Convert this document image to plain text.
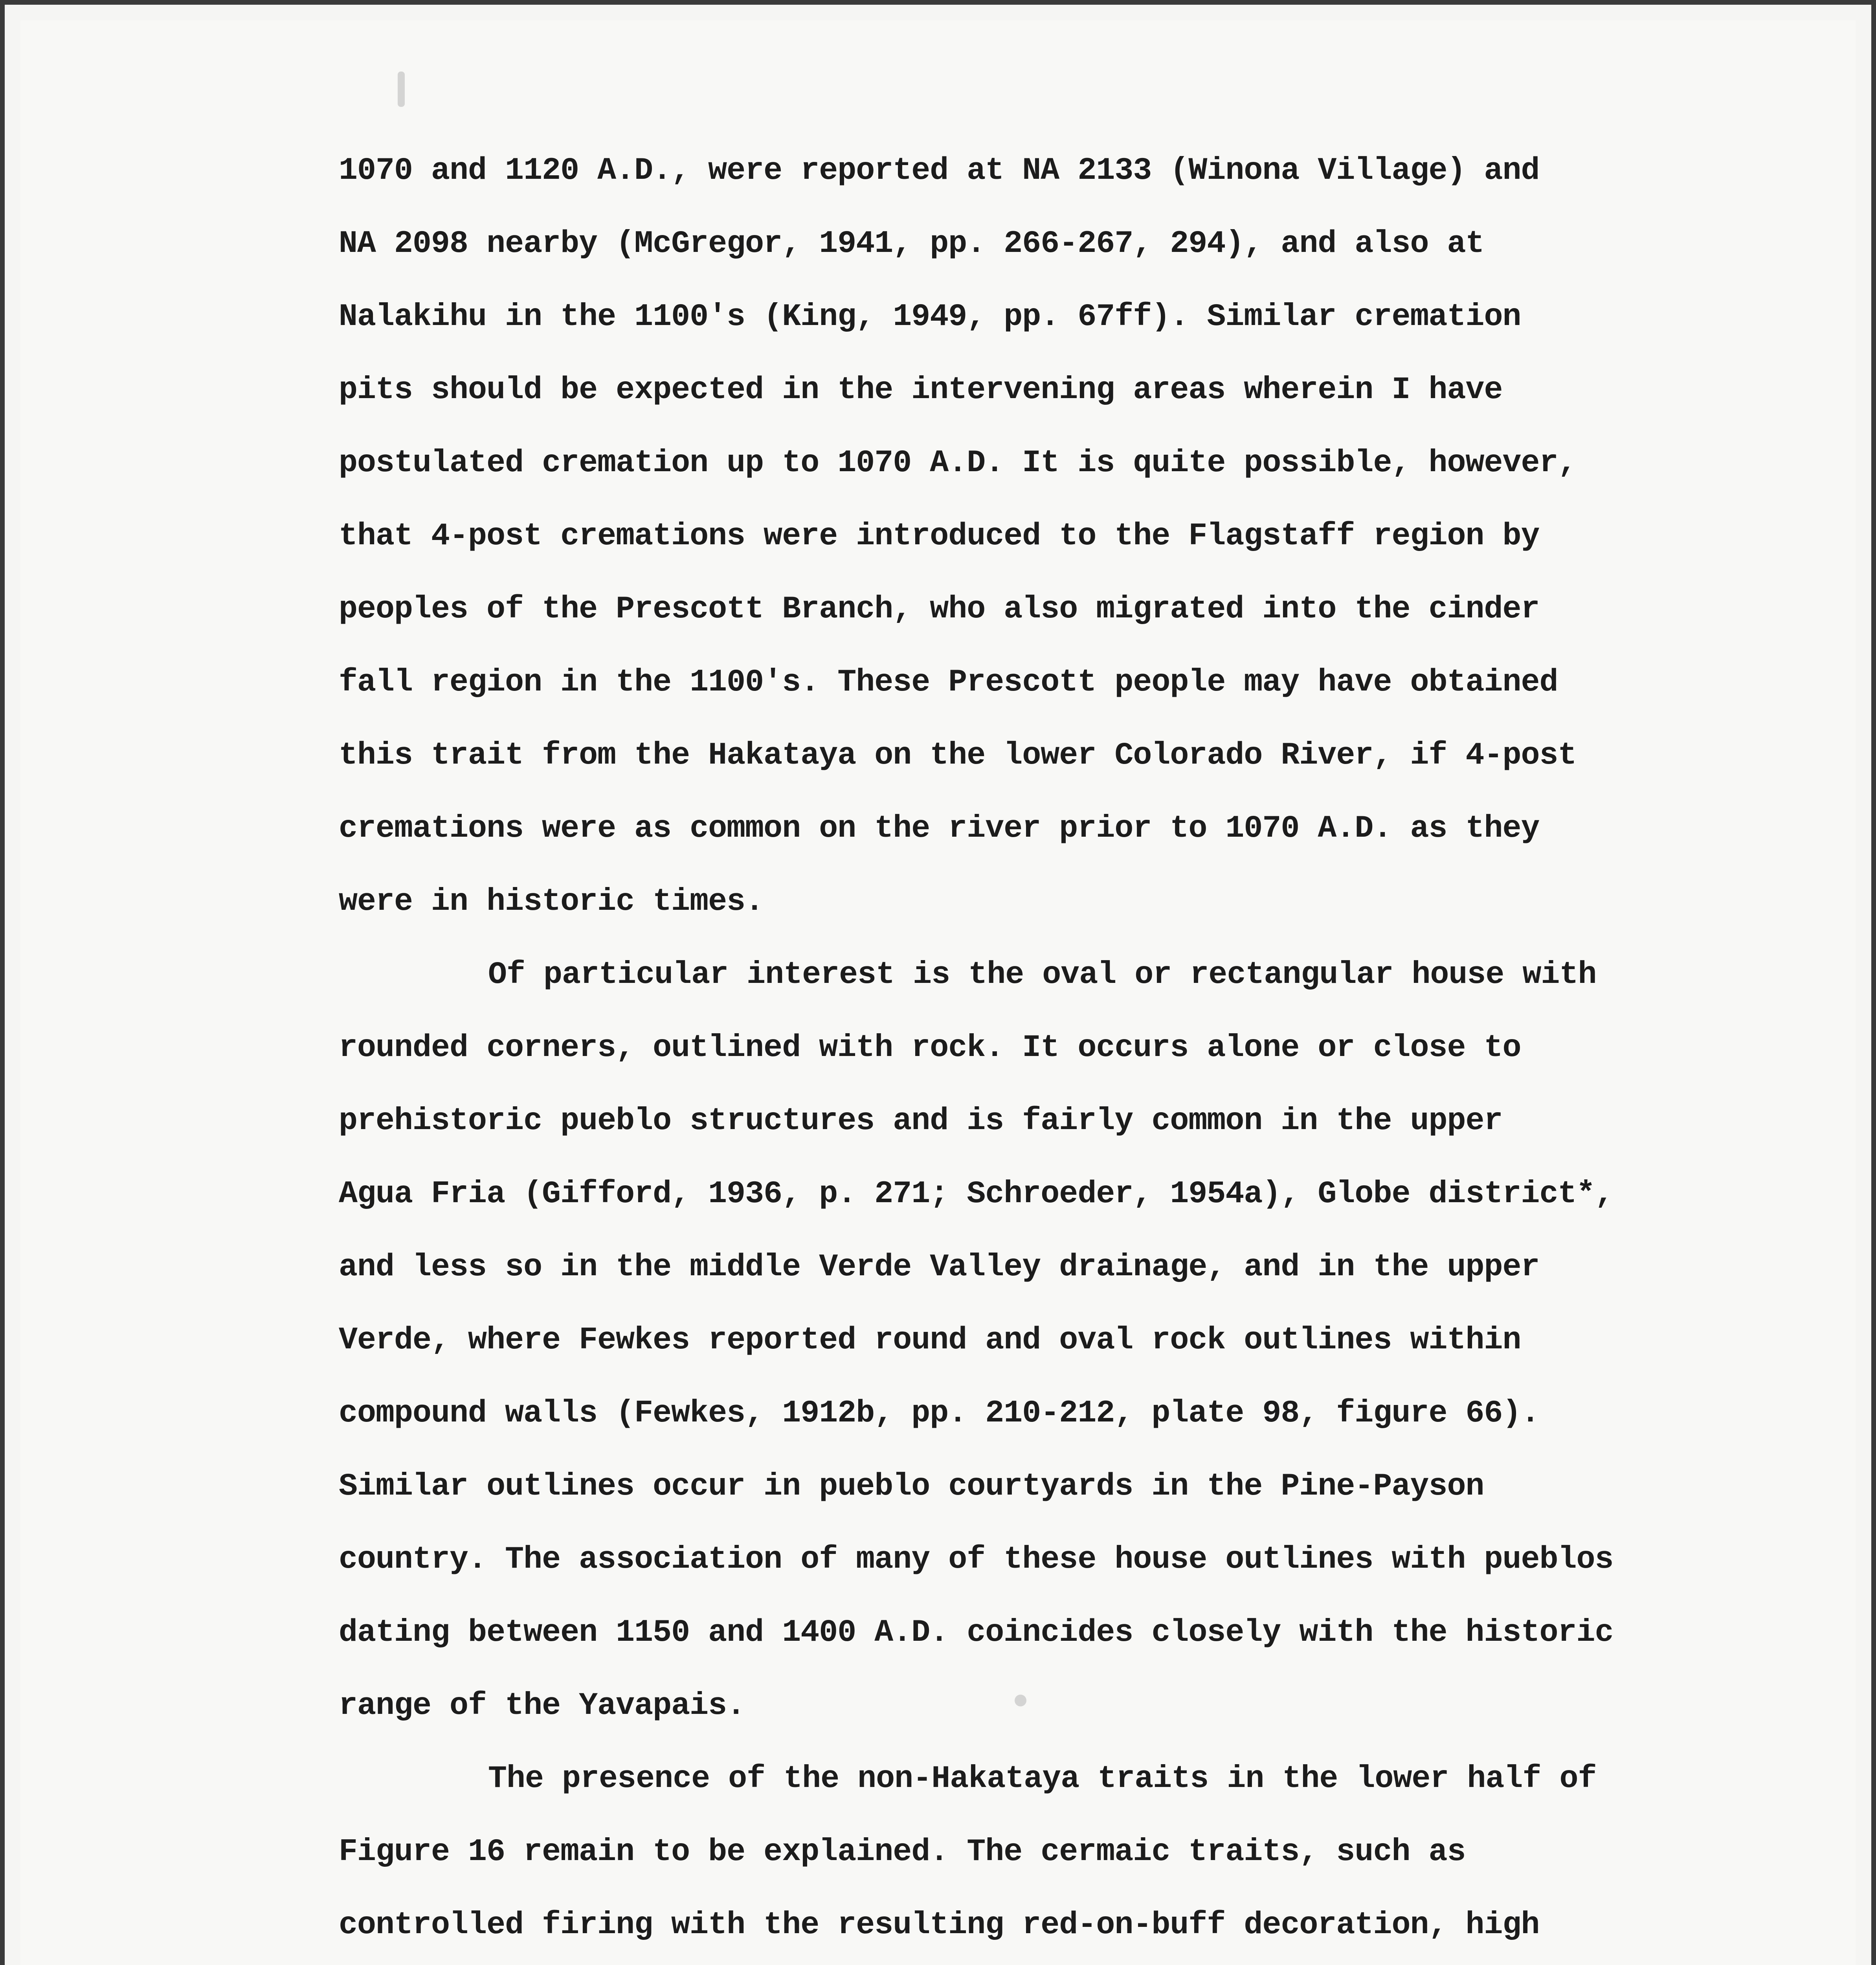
1070 and 1120 A.D., were reported at NA 2133 (Winona Village) and
NA 2098 nearby (McGregor, 1941, pp. 266-267, 294), and also at
Nalakihu in the 1100's (King, 1949, pp. 67ff). Similar cremation
pits should be expected in the intervening areas wherein I have
postulated cremation up to 1070 A.D. It is quite possible, however,
that 4-post cremations were introduced to the Flagstaff region by
peoples of the Prescott Branch, who also migrated into the cinder
fall region in the 1100's. These Prescott people may have obtained
this trait from the Hakataya on the lower Colorado River, if 4-post
cremations were as common on the river prior to 1070 A.D. as they
were in historic times.
Of particular interest is the oval or rectangular house with
rounded corners, outlined with rock. It occurs alone or close to
prehistoric pueblo structures and is fairly common in the upper
Agua Fria (Gifford, 1936, p. 271; Schroeder, 1954a), Globe district*,
and less so in the middle Verde Valley drainage, and in the upper
Verde, where Fewkes reported round and oval rock outlines within
compound walls (Fewkes, 1912b, pp. 210-212, plate 98, figure 66).
Similar outlines occur in pueblo courtyards in the Pine-Payson
country. The association of many of these house outlines with pueblos
dating between 1150 and 1400 A.D. coincides closely with the historic
range of the Yavapais.
The presence of the non-Hakataya traits in the lower half of
Figure 16 remain to be explained. The cermaic traits, such as
controlled firing with the resulting red-on-buff decoration, high
